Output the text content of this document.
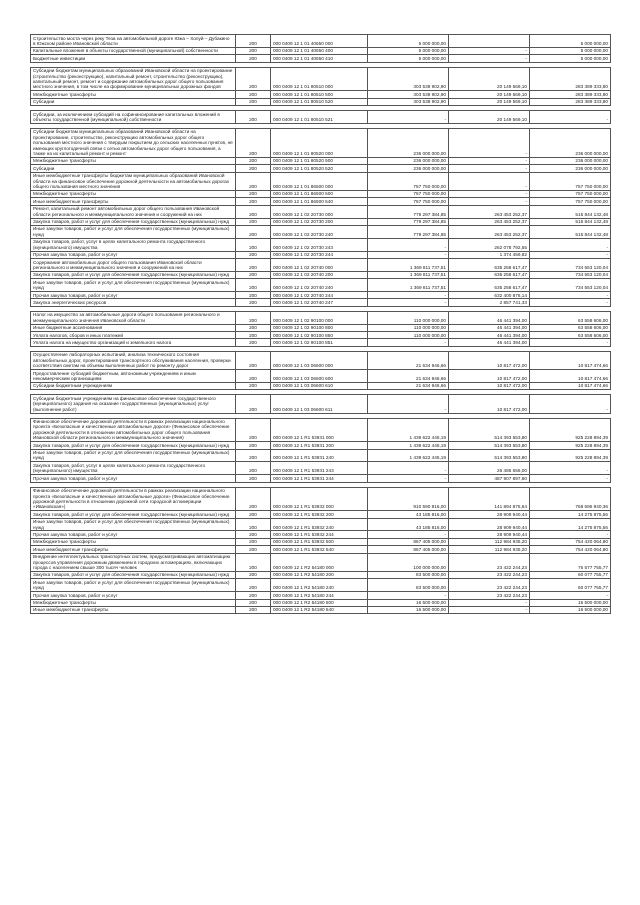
Строительство моста через реку Теза на автомобильной дороге Южа – Холуй – Дубакино в Южском районе Ивановской области	200	000 0409 12 1 01 40650 000	5 000 000,00		5 000 000,00
Капитальные вложения в объекты государственной (муниципальной) собственности	200	000 0409 12 1 01 40650 400	5 000 000,00	-	5 000 000,00
Бюджетные инвестиции	200	000 0409 12 1 01 40650 410	5 000 000,00	-	5 000 000,00

Субсидии бюджетам муниципальных образований Ивановской области на проектирование (строительство (реконструкцию), капитальный ремонт, строительство (реконструкцию), капитальный ремонт, ремонт и содержание автомобильных дорог общего пользования местного значения, в том числе на формирование муниципальных дорожных фондов	200	000 0409 12 1 01 80510 000	303 538 902,90	20 149 569,10	283 389 333,80
Межбюджетные трансферты	200	000 0409 12 1 01 80510 500	303 538 902,90	20 149 569,10	283 389 333,80
Субсидии	200	000 0409 12 1 01 80510 520	303 538 902,90	20 149 569,10	283 389 333,80

Субсидии, за исключением субсидий на софинансирование капитальных вложений в объекты государственной (муниципальной) собственности	200	000 0409 12 1 01 80510 521	-	20 149 569,10	-

Субсидии бюджетам муниципальных образований Ивановской области на проектирование, строительство, реконструкцию автомобильных дорог общего пользования местного значения с твердым покрытием до сельских населенных пунктов, не имеющих круглогодичной связи с сетью автомобильных дорог общего пользования, а также на их капитальный ремонт и ремонт	200	000 0409 12 1 01 80520 000	236 000 000,00	-	236 000 000,00
Межбюджетные трансферты	200	000 0409 12 1 01 80520 500	236 000 000,00	-	236 000 000,00
Субсидии	200	000 0409 12 1 01 80520 520	236 000 000,00	-	236 000 000,00
Иные межбюджетные трансферты бюджетам муниципальных образований Ивановской области на финансовое обеспечение дорожной деятельности на автомобильных дорогах общего пользования местного значения	200	000 0409 12 1 01 86500 000	757 750 000,00	-	757 750 000,00
Межбюджетные трансферты	200	000 0409 12 1 01 86500 500	757 750 000,00	-	757 750 000,00
Иные межбюджетные трансферты	200	000 0409 12 1 01 86500 540	757 750 000,00	-	757 750 000,00
Ремонт, капитальный ремонт автомобильных дорог общего пользования Ивановской области регионального и межмуниципального значения и сооружений на них	200	000 0409 12 1 02 20730 000	779 297 384,85	263 453 252,37	515 844 132,48
Закупка товаров, работ и услуг для обеспечения государственных (муниципальных) нужд	200	000 0409 12 1 02 20730 200	779 297 384,85	263 453 252,37	515 844 132,48
Иные закупки товаров, работ и услуг для обеспечения государственных (муниципальных) нужд	200	000 0409 12 1 02 20730 240	779 297 384,85	263 453 252,37	515 844 132,48
Закупка товаров, работ, услуг в целях капитального ремонта государственного (муниципального) имущества	200	000 0409 12 1 02 20730 243	-	262 078 792,55	-
Прочая закупка товаров, работ и услуг	200	000 0409 12 1 02 20730 244	-	1 374 459,82	-
Содержание автомобильных дорог общего пользования Ивановской области регионального и межмуниципального значения и сооружений на них	200	000 0409 12 1 02 20740 000	1 369 811 737,51	635 258 617,47	734 553 120,04
Закупка товаров, работ и услуг для обеспечения государственных (муниципальных) нужд	200	000 0409 12 1 02 20740 200	1 369 811 737,51	635 258 617,47	734 553 120,04
Иные закупки товаров, работ и услуг для обеспечения государственных (муниципальных) нужд	200	000 0409 12 1 02 20740 240	1 369 811 737,51	635 258 617,47	734 553 120,04
Прочая закупка товаров, работ и услуг	200	000 0409 12 1 02 20740 244	-	632 400 876,14	-
Закупка энергетических ресурсов	200	000 0409 12 1 02 20740 247	-	2 857 741,33	-

Налог на имущество за автомобильные дороги общего пользования регионального и межмуниципального значения Ивановской области	200	000 0409 12 1 02 90100 000	110 000 000,00	46 441 394,00	63 558 606,00
Иные бюджетные ассигнования	200	000 0409 12 1 02 90100 800	110 000 000,00	46 441 394,00	63 558 606,00
Уплата налогов, сборов и иных платежей	200	000 0409 12 1 02 90100 850	110 000 000,00	46 441 394,00	63 558 606,00
Уплата налога на имущество организаций и земельного налога	200	000 0409 12 1 02 90100 851	-	46 441 394,00	-

Осуществление лабораторных испытаний, анализа технического состояния автомобильных дорог, проектирования транспортного обслуживания населения, проверки соответствия сметам на объемы выполненных работ по ремонту дорог	200	000 0409 12 1 03 06600 000	21 634 946,66	10 817 472,00	10 817 474,66
Предоставление субсидий бюджетным, автономным учреждениям и иным некоммерческим организациям	200	000 0409 12 1 03 06600 600	21 634 946,66	10 817 472,00	10 817 474,66
Субсидии бюджетным учреждениям	200	000 0409 12 1 03 06600 610	21 634 946,66	10 817 472,00	10 817 474,66

Субсидии бюджетным учреждениям на финансовое обеспечение государственного (муниципального) задания на оказание государственных (муниципальных) услуг (выполнение работ)	200	000 0409 12 1 03 06600 611	-	10 817 472,00	-

Финансовое обеспечение дорожной деятельности в рамках реализации национального проекта «Безопасные и качественные автомобильные дороги» (Финансовое обеспечение дорожной деятельности в отношении автомобильных дорог общего пользования Ивановской области регионального и межмуниципального значения)	200	000 0409 12 1 R1 53931 000	1 439 622 445,19	514 393 553,80	925 228 894,39
Закупка товаров, работ и услуг для обеспечения государственных (муниципальных) нужд	200	000 0409 12 1 R1 53931 200	1 439 622 445,19	514 393 553,80	925 228 894,39
Иные закупки товаров, работ и услуг для обеспечения государственных (муниципальных) нужд	200	000 0409 12 1 R1 53931 240	1 439 622 445,19	514 393 553,80	925 228 894,39
Закупка товаров, работ, услуг в целях капитального ремонта государственного (муниципального) имущества	200	000 0409 12 1 R1 53931 243	-	26 485 656,00	-
Прочая закупка товаров, работ и услуг	200	000 0409 12 1 R1 53931 244	-	487 907 897,80	-

Финансовое обеспечение дорожной деятельности в рамках реализации национального проекта «Безопасные и качественные автомобильные дороги» (Финансовое обеспечение дорожной деятельности в отношении дорожной сети городской агломерации «Ивановская»)	200	000 0409 12 1 R1 53932 000	910 590 816,00	141 894 875,64	768 695 940,36
Закупка товаров, работ и услуг для обеспечения государственных (муниципальных) нужд	200	000 0409 12 1 R1 53932 200	43 185 816,00	28 909 940,44	14 275 875,56
Иные закупки товаров, работ и услуг для обеспечения государственных (муниципальных) нужд	200	000 0409 12 1 R1 53932 240	43 185 816,00	28 909 940,44	14 275 875,56
Прочая закупка товаров, работ и услуг	200	000 0409 12 1 R1 53932 244	-	28 909 940,44	-
Межбюджетные трансферты	200	000 0409 12 1 R1 53932 500	867 405 000,00	112 984 935,20	754 420 064,80
Иные межбюджетные трансферты	200	000 0409 12 1 R1 53932 540	867 405 000,00	112 984 935,20	754 420 064,80
Внедрение интеллектуальных транспортных систем, предусматривающих автоматизацию процессов управления дорожным движением в городских агломерациях, включающих города с населением свыше 300 тысяч человек	200	000 0409 12 1 R2 54180 000	100 000 000,00	23 422 244,23	76 577 755,77
Закупка товаров, работ и услуг для обеспечения государственных (муниципальных) нужд	200	000 0409 12 1 R2 54180 200	83 500 000,00	23 422 244,23	60 077 755,77
Иные закупки товаров, работ и услуг для обеспечения государственных (муниципальных) нужд	200	000 0409 12 1 R2 54180 240	83 500 000,00	23 422 244,23	60 077 755,77
Прочая закупка товаров, работ и услуг	200	000 0409 12 1 R2 54180 244	-	23 422 244,23	-
Межбюджетные трансферты	200	000 0409 12 1 R2 54180 500	16 500 000,00	-	16 500 000,00
Иные межбюджетные трансферты	200	000 0409 12 1 R2 54180 540	16 500 000,00	-	16 500 000,00
